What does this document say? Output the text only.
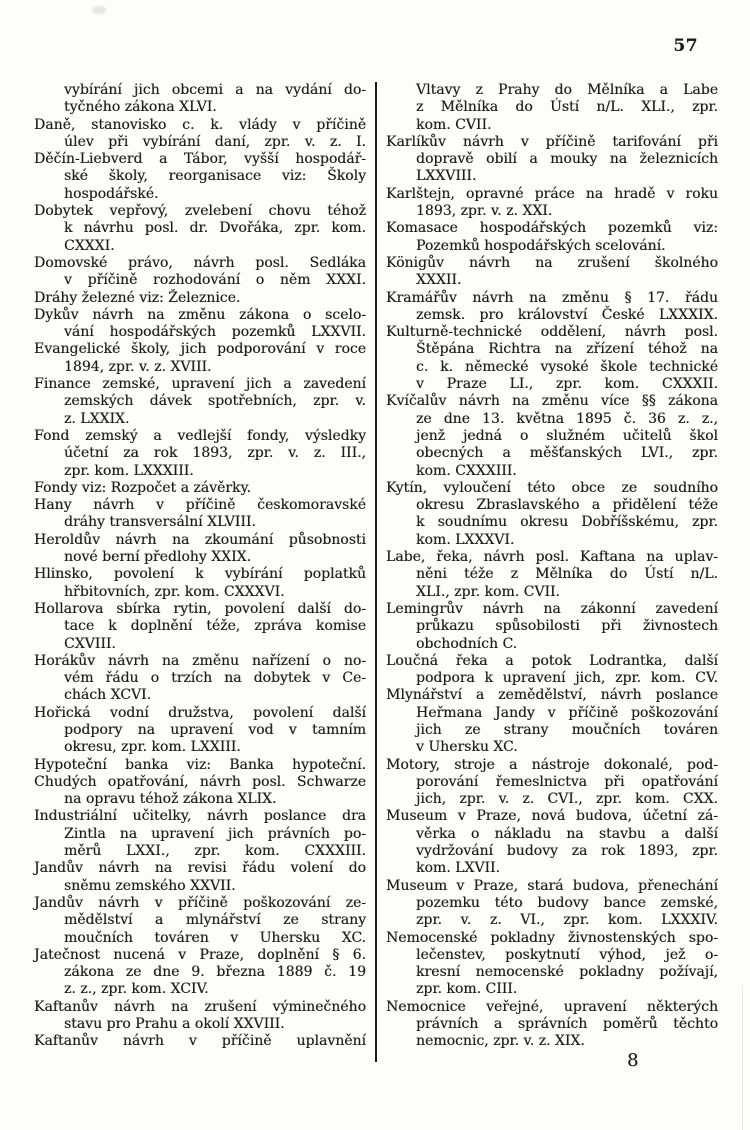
57

vybírání jich obcemi a na vydání do-
tyčného zákona XLVI.

Daně, stanovisko c. k. vlády v příčině
úlev při vybírání daní, zpr. v. z. I.

Děčín-Liebverd a Tábor, vyšší hospodář-
ské školy, reorganisace viz: Školy
hospodářské.

Dobytek vepřový, zvelebení chovu téhož
k návrhu posl. dr. Dvořáka, zpr. kom.
CXXXI.

Domovské právo, návrh posl. Sedláka
v příčině rozhodování o něm XXXI.

Dráhy železné viz: Železnice.

Dykův návrh na změnu zákona o scelo-
vání hospodářských pozemků LXXVII.

Evangelické školy, jich podporování v roce
1894, zpr. v. z. XVIII.

Finance zemské, upravení jich a zavedení
zemských dávek spotřebních, zpr. v.
z. LXXIX.

Fond zemský a vedlejší fondy, výsledky
účetní za rok 1893, zpr. v. z. III.,
zpr. kom. LXXXIII.

Fondy viz: Rozpočet a závěrky.

Hany návrh v příčině českomoravské
dráhy transversální XLVIII.

Heroldův návrh na zkoumání působnosti
nové berní předlohy XXIX.

Hlinsko, povolení k vybírání poplatků
hřbitovních, zpr. kom. CXXXVI.

Hollarova sbírka rytin, povolení další do-
tace k doplnění téže, zpráva komise
CXVIII.

Horákův návrh na změnu nařízení o no-
vém řádu o trzích na dobytek v Ce-
chách XCVI.

Hořická vodní družstva, povolení další
podpory na upravení vod v tamním
okresu, zpr. kom. LXXIII.

Hypoteční banka viz: Banka hypoteční.

Chudých opatřování, návrh posl. Schwarze
na opravu téhož zákona XLIX.

Industriální učitelky, návrh poslance dra
Zintla na upravení jich právních po-
měrů LXXI., zpr. kom. CXXXIII.

Jandův návrh na revisi řádu volení do
sněmu zemského XXVII.

Jandův návrh v příčině poškozování ze-
mědělství a mlynářství ze strany
moučních továren v Uhersku XC.

Jatečnost nucená v Praze, doplnění § 6.
zákona ze dne 9. března 1889 č. 19
z. z., zpr. kom. XCIV.

Kaftanův návrh na zrušení výminečného
stavu pro Prahu a okolí XXVIII.

Kaftanův návrh v příčině uplavnění

Vltavy z Prahy do Mělníka a Labe
z Mělníka do Ústí n/L. XLI., zpr.
kom. CVII.

Karlíkův návrh v příčině tarifování při
dopravě obilí a mouky na železnicích
LXXVIII.

Karlštejn, opravné práce na hradě v roku
1893, zpr. v. z. XXI.

Komasace hospodářských pozemků viz:
Pozemků hospodářských scelování.

Königův návrh na zrušení školného
XXXII.

Kramářův návrh na změnu § 17. řádu
zemsk. pro království České LXXXIX.

Kulturně-technické oddělení, návrh posl.
Štěpána Richtra na zřízení téhož na
c. k. německé vysoké škole technické
v Praze LI., zpr. kom. CXXXII.

Kvíčalův návrh na změnu více §§ zákona
ze dne 13. května 1895 č. 36 z. z.,
jenž jedná o služném učitelů škol
obecných a měšťanských LVI., zpr.
kom. CXXXIII.

Kytín, vyloučení této obce ze soudního
okresu Zbraslavského a přidělení téže
k soudnímu okresu Dobříšskému, zpr.
kom. LXXXVI.

Labe, řeka, návrh posl. Kaftana na uplav-
něni téže z Mělníka do Ústí n/L.
XLI., zpr. kom. CVII.

Lemingrův návrh na zákonní zavedení
průkazu spůsobilosti při živnostech
obchodních C.

Loučná řeka a potok Lodrantka, další
podpora k upravení jich, zpr. kom. CV.

Mlynářství a zemědělství, návrh poslance
Heřmana Jandy v příčině poškozování
jich ze strany moučních továren
v Uhersku XC.

Motory, stroje a nástroje dokonalé, pod-
porování řemeslnictva při opatřování
jich, zpr. v. z. CVI., zpr. kom. CXX.

Museum v Praze, nová budova, účetní zá-
věrka o nákladu na stavbu a další
vydržování budovy za rok 1893, zpr.
kom. LXVII.

Museum v Praze, stará budova, přenechání
pozemku této budovy bance zemské,
zpr. v. z. VI., zpr. kom. LXXXIV.

Nemocenské pokladny živnostenských spo-
lečenstev, poskytnutí výhod, jež o-
kresní nemocenské pokladny požívají,
zpr. kom. CIII.

Nemocnice veřejné, upravení některých
právních a správních poměrů těchto
nemocnic, zpr. v. z. XIX.

8
